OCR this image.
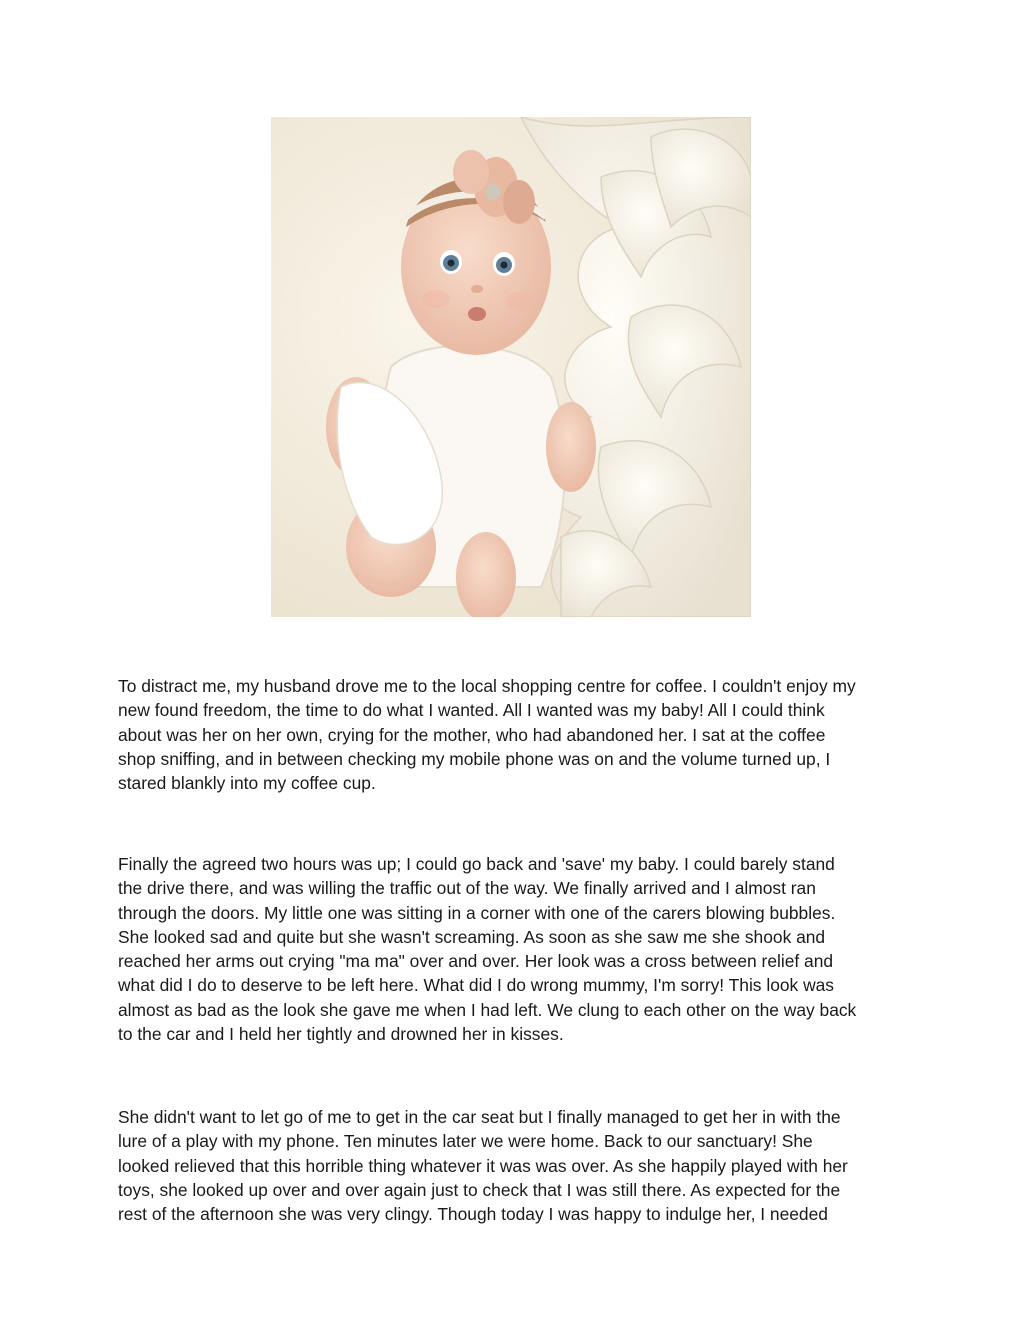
To distract me, my husband drove me to the local shopping centre for coffee. I couldn't enjoy my
new found freedom, the time to do what I wanted. All I wanted was my baby! All I could think
about was her on her own, crying for the mother, who had abandoned her. I sat at the coffee
shop sniffing, and in between checking my mobile phone was on and the volume turned up, I
stared blankly into my coffee cup.

Finally the agreed two hours was up; I could go back and 'save' my baby. I could barely stand
the drive there, and was willing the traffic out of the way. We finally arrived and I almost ran
through the doors. My little one was sitting in a corner with one of the carers blowing bubbles.
She looked sad and quite but she wasn't screaming. As soon as she saw me she shook and
reached her arms out crying "ma ma" over and over. Her look was a cross between relief and
what did I do to deserve to be left here. What did I do wrong mummy, I'm sorry! This look was
almost as bad as the look she gave me when I had left. We clung to each other on the way back
to the car and I held her tightly and drowned her in kisses.

She didn't want to let go of me to get in the car seat but I finally managed to get her in with the
lure of a play with my phone. Ten minutes later we were home. Back to our sanctuary! She
looked relieved that this horrible thing whatever it was was over. As she happily played with her
toys, she looked up over and over again just to check that I was still there. As expected for the
rest of the afternoon she was very clingy. Though today I was happy to indulge her, I needed
